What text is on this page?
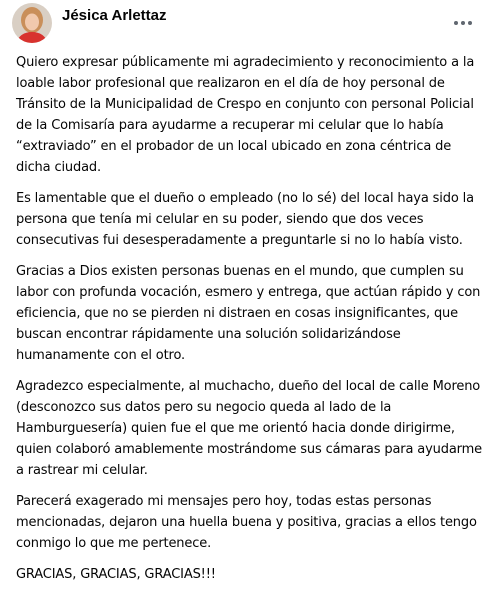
Jésica Arlettaz

Quiero expresar públicamente mi agradecimiento y reconocimiento a la loable labor profesional que realizaron en el día de hoy personal de Tránsito de la Municipalidad de Crespo en conjunto con personal Policial de la Comisaría para ayudarme a recuperar mi celular que lo había “extraviado” en el probador de un local ubicado en zona céntrica de dicha ciudad.

Es lamentable que el dueño o empleado (no lo sé) del local haya sido la persona que tenía mi celular en su poder, siendo que dos veces consecutivas fui desesperadamente a preguntarle si no lo había visto.

Gracias a Dios existen personas buenas en el mundo, que cumplen su labor con profunda vocación, esmero y entrega, que actúan rápido y con eficiencia, que no se pierden ni distraen en cosas insignificantes, que buscan encontrar rápidamente una solución solidarizándose humanamente con el otro.

Agradezco especialmente, al muchacho, dueño del local de calle Moreno (desconozco sus datos pero su negocio queda al lado de la Hamburguesería) quien fue el que me orientó hacia donde dirigirme, quien colaboró amablemente mostrándome sus cámaras para ayudarme a rastrear mi celular.

Parecerá exagerado mi mensajes pero hoy, todas estas personas mencionadas, dejaron una huella buena y positiva, gracias a ellos tengo conmigo lo que me pertenece.

GRACIAS, GRACIAS, GRACIAS!!!
